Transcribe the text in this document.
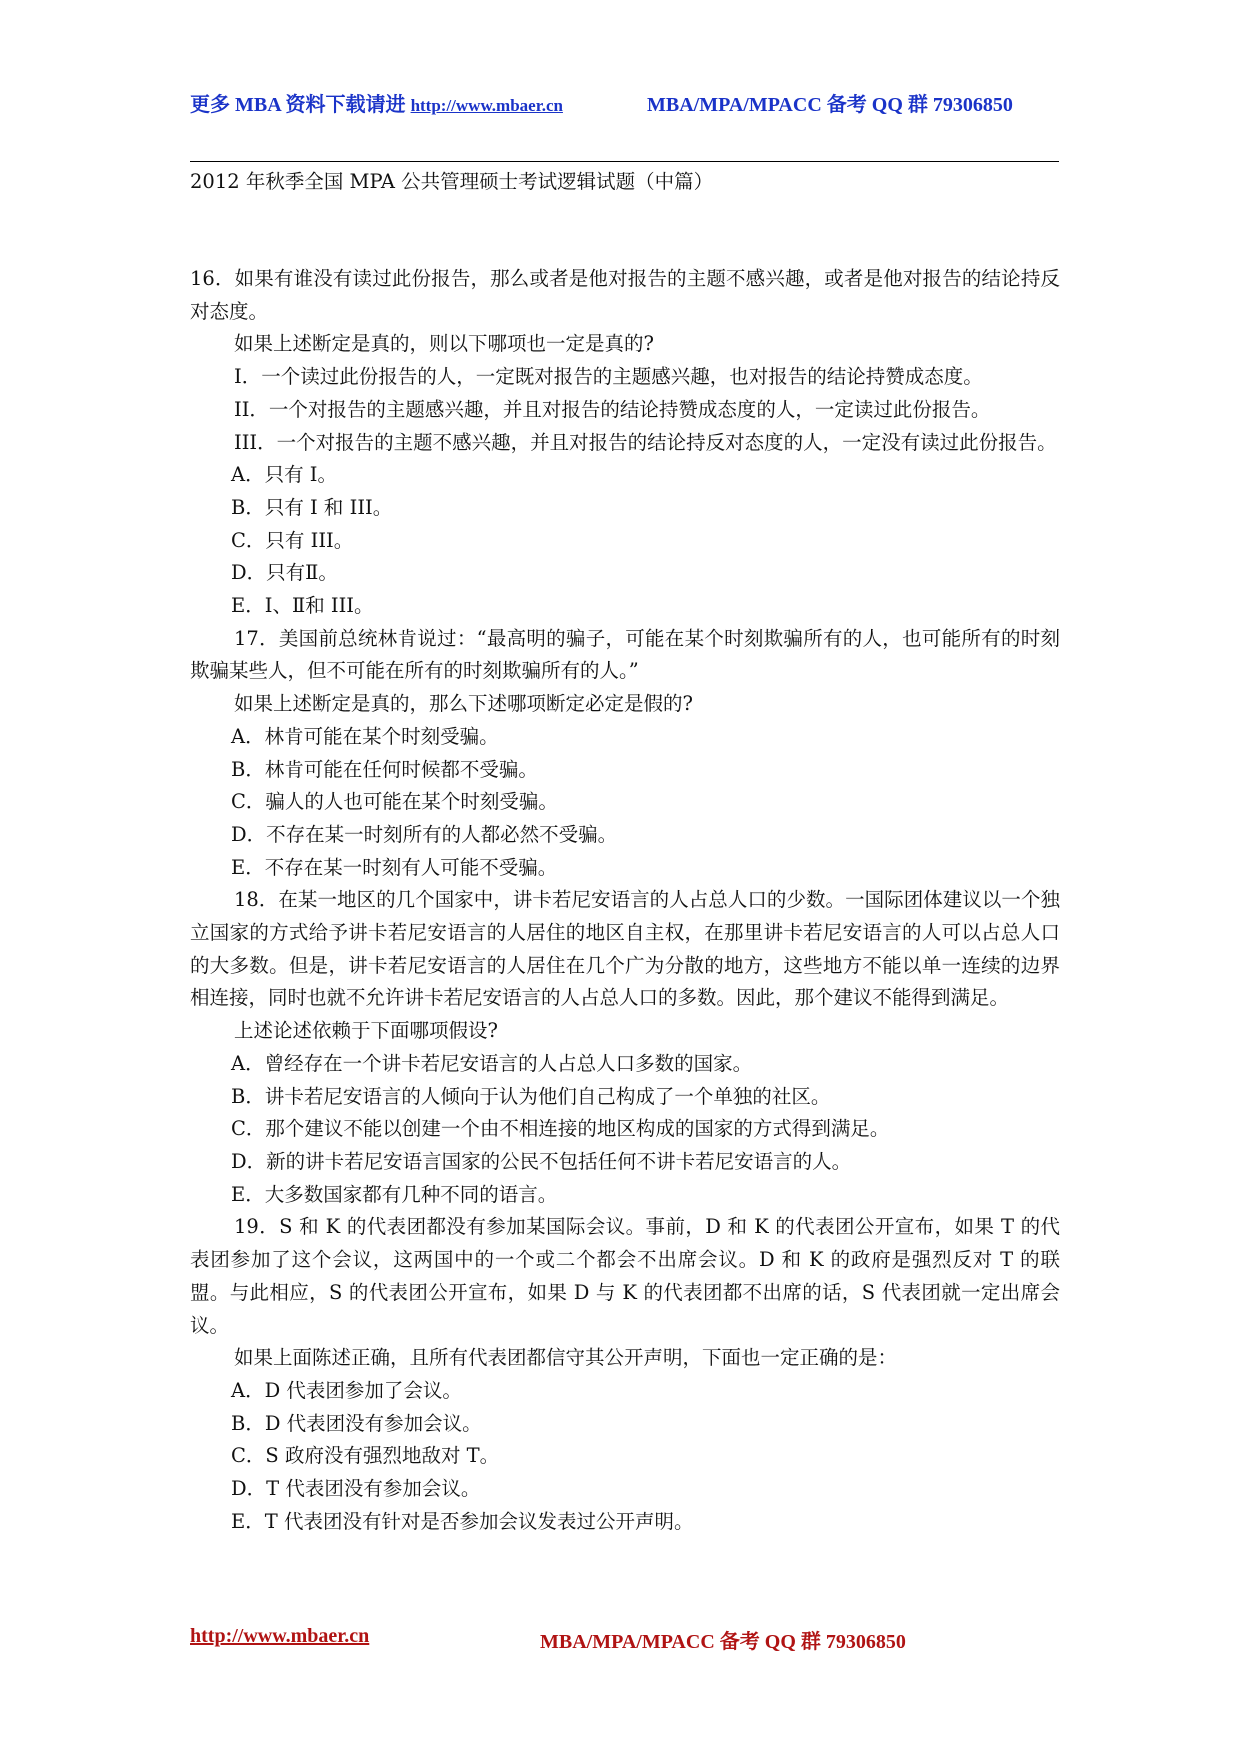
更多 MBA 资料下载请进 http://www.mbaer.cn	MBA/MPA/MPACC 备考 QQ 群 79306850
2012 年秋季全国 MPA 公共管理硕士考试逻辑试题（中篇）

16．如果有谁没有读过此份报告，那么或者是他对报告的主题不感兴趣，或者是他对报告的结论持反对态度。

如果上述断定是真的，则以下哪项也一定是真的?

I．一个读过此份报告的人，一定既对报告的主题感兴趣，也对报告的结论持赞成态度。

II．一个对报告的主题感兴趣，并且对报告的结论持赞成态度的人，一定读过此份报告。

III．一个对报告的主题不感兴趣，并且对报告的结论持反对态度的人，一定没有读过此份报告。

A．只有 I。

B．只有 I 和 III。

C．只有 III。

D．只有Ⅱ。

E．I、Ⅱ和 III。

17．美国前总统林肯说过：“最高明的骗子，可能在某个时刻欺骗所有的人，也可能所有的时刻欺骗某些人，但不可能在所有的时刻欺骗所有的人。”

如果上述断定是真的，那么下述哪项断定必定是假的?

A．林肯可能在某个时刻受骗。

B．林肯可能在任何时候都不受骗。

C．骗人的人也可能在某个时刻受骗。

D．不存在某一时刻所有的人都必然不受骗。

E．不存在某一时刻有人可能不受骗。

18．在某一地区的几个国家中，讲卡若尼安语言的人占总人口的少数。一国际团体建议以一个独立国家的方式给予讲卡若尼安语言的人居住的地区自主权，在那里讲卡若尼安语言的人可以占总人口的大多数。但是，讲卡若尼安语言的人居住在几个广为分散的地方，这些地方不能以单一连续的边界相连接，同时也就不允许讲卡若尼安语言的人占总人口的多数。因此，那个建议不能得到满足。

上述论述依赖于下面哪项假设?

A．曾经存在一个讲卡若尼安语言的人占总人口多数的国家。

B．讲卡若尼安语言的人倾向于认为他们自己构成了一个单独的社区。

C．那个建议不能以创建一个由不相连接的地区构成的国家的方式得到满足。

D．新的讲卡若尼安语言国家的公民不包括任何不讲卡若尼安语言的人。

E．大多数国家都有几种不同的语言。

19．S 和 K 的代表团都没有参加某国际会议。事前，D 和 K 的代表团公开宣布，如果 T 的代表团参加了这个会议，这两国中的一个或二个都会不出席会议。D 和 K 的政府是强烈反对 T 的联盟。与此相应，S 的代表团公开宣布，如果 D 与 K 的代表团都不出席的话，S 代表团就一定出席会议。

如果上面陈述正确，且所有代表团都信守其公开声明，下面也一定正确的是：

A．D 代表团参加了会议。

B．D 代表团没有参加会议。

C．S 政府没有强烈地敌对 T。

D．T 代表团没有参加会议。

E．T 代表团没有针对是否参加会议发表过公开声明。

http://www.mbaer.cn	MBA/MPA/MPACC 备考 QQ 群 79306850
